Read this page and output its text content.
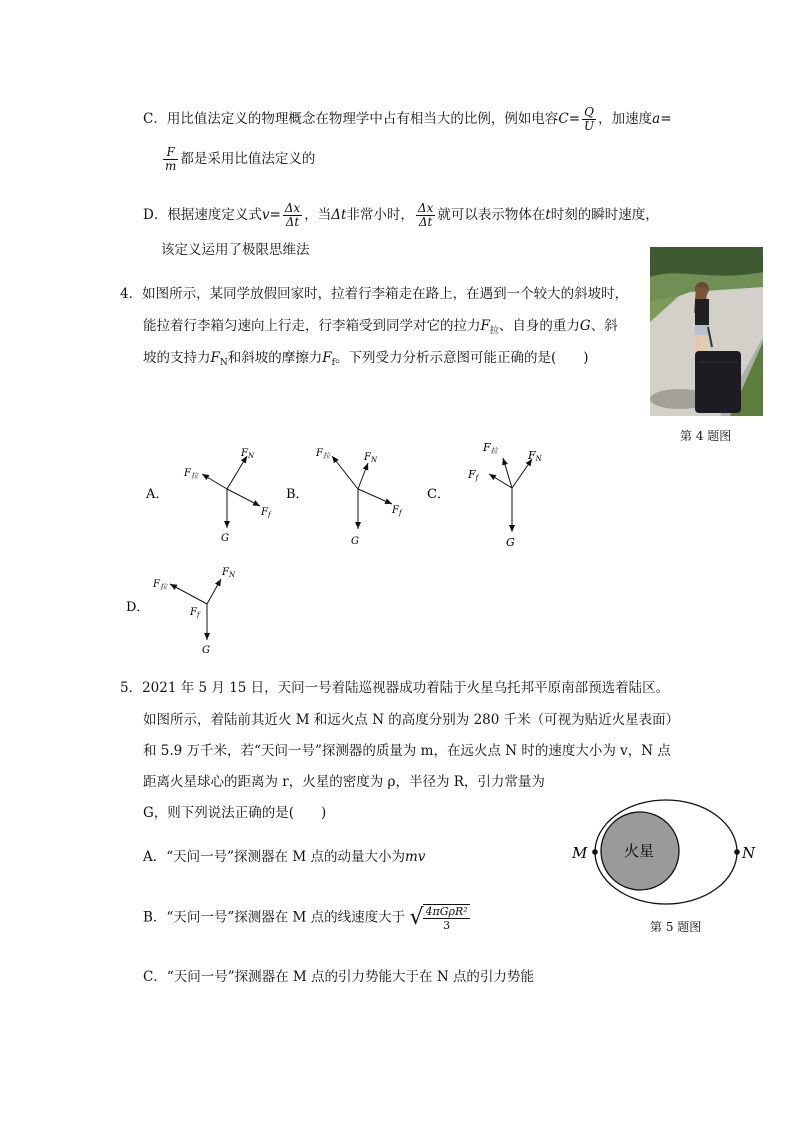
C．用比值法定义的物理概念在物理学中占有相当大的比例，例如电容$C= \frac{Q}{U}$ ，加速度a=
$\frac{F}{m}$ 都是采用比值法定义的
D．根据速度定义式$v= \frac{\Delta x}{\Delta t}$ ，当Δt非常小时， $\frac{\Delta x}{\Delta t}$ 就可以表示物体在t时刻的瞬时速度，
该定义运用了极限思维法
4．如图所示，某同学放假回家时，拉着行李箱走在路上，在遇到一个较大的斜坡时，
能拉着行李箱匀速向上行走，行李箱受到同学对它的拉力$F_拉$、自身的重力G、斜
坡的支持力$F_N$和斜坡的摩擦力$F_f$。下列受力分析示意图可能正确的是(　　)
第 4 题图
A．
$F_N$
$F_拉$
$F_f$
G
B．
$F_N$
$F_拉$
$F_f$
G
C．
FN
F拉
Ff
G
D．
$F_N$
$F_拉$
$F_f$
G
5．2021 年 5 月 15 日，天问一号着陆巡视器成功着陆于火星乌托邦平原南部预选着陆区。
如图所示，着陆前其近火 M 和远火点 N 的高度分别为 280 千米（可视为贴近火星表面）
和 5.9 万千米，若“天问一号”探测器的质量为 m，在远火点 N 时的速度大小为 v，N 点
距离火星球心的距离为 r，火星的密度为 ρ，半径为 R，引力常量为
G，则下列说法正确的是(　　)
A．“天问一号”探测器在 M 点的动量大小为mv
B．“天问一号”探测器在 M 点的线速度大于 √ 4πGρR²
3
C．“天问一号”探测器在 M 点的引力势能大于在 N 点的引力势能
火星
M	N
第 5 题图
